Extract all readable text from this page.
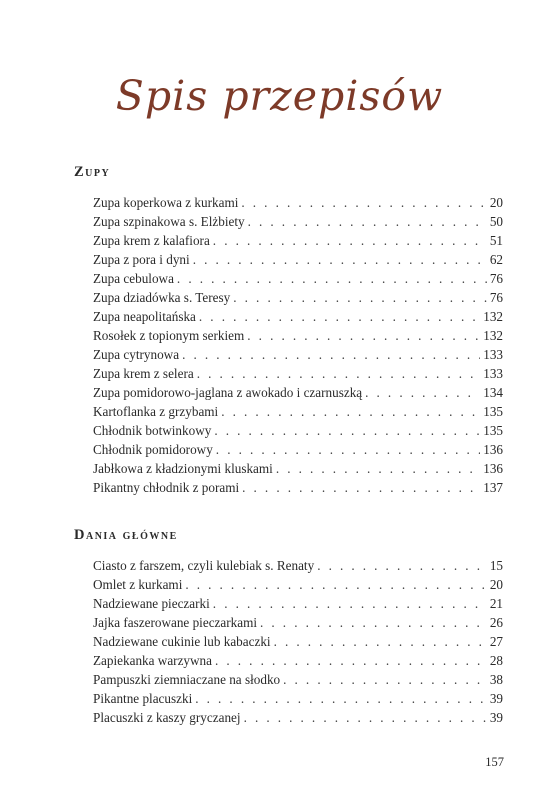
Spis przepisów
Zupy
Zupa koperkowa z kurkami . . .	20
Zupa szpinakowa s. Elżbiety . . .	50
Zupa krem z kalafiora . . .	51
Zupa z pora i dyni . . .	62
Zupa cebulowa . . .	76
Zupa dziadówka s. Teresy . . .	76
Zupa neapolitańska . . .	132
Rosołek z topionym serkiem . . .	132
Zupa cytrynowa . . .	133
Zupa krem z selera . . .	133
Zupa pomidorowo-jaglana z awokado i czarnuszką . . .	134
Kartoflanka z grzybami . . .	135
Chłodnik botwinkowy . . .	135
Chłodnik pomidorowy . . .	136
Jabłkowa z kładzionymi kluskami . . .	136
Pikantny chłodnik z porami . . .	137
Dania główne
Ciasto z farszem, czyli kulebiak s. Renaty . . .	15
Omlet z kurkami . . .	20
Nadziewane pieczarki . . .	21
Jajka faszerowane pieczarkami . . .	26
Nadziewane cukinie lub kabaczki . . .	27
Zapiekanka warzywna . . .	28
Pampuszki ziemniaczane na słodko . . .	38
Pikantne placuszki . . .	39
Placuszki z kaszy gryczanej . . .	39
157
